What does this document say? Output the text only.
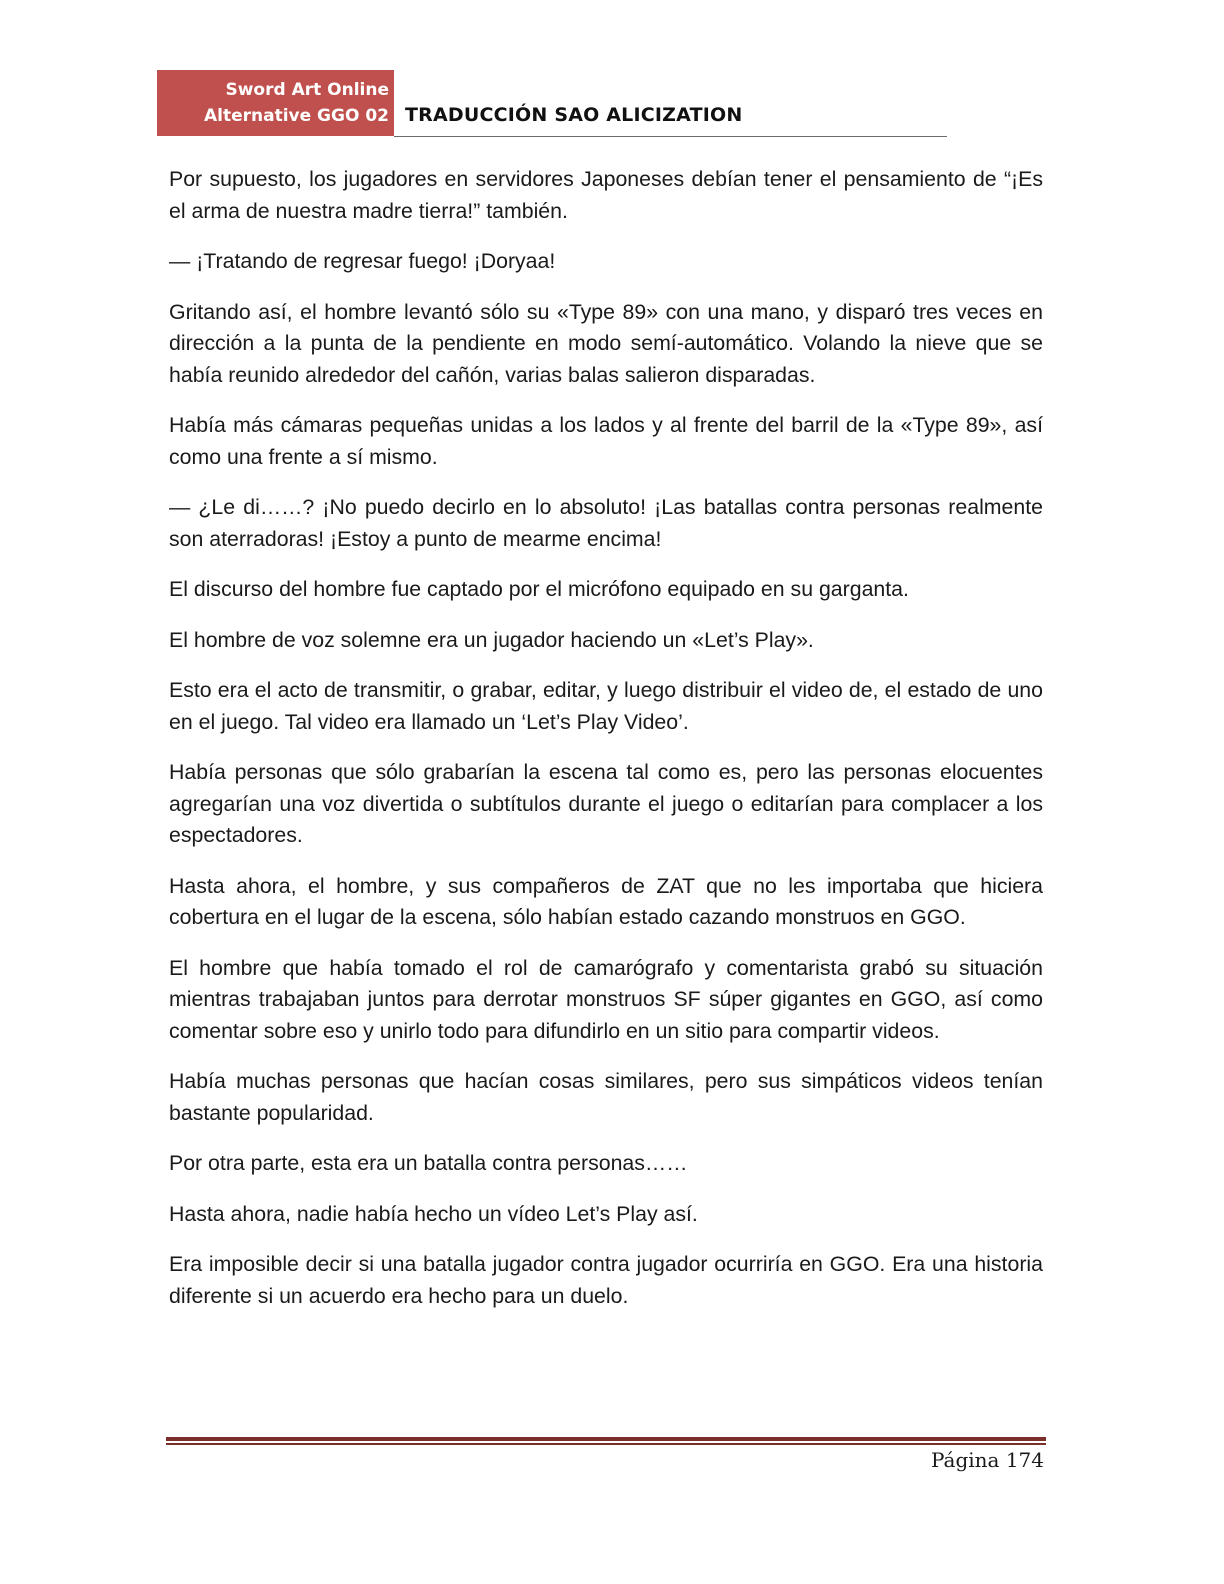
Sword Art Online
Alternative GGO 02 TRADUCCIÓN SAO ALICIZATION

Por supuesto, los jugadores en servidores Japoneses debían tener el pensamiento de “¡Es el arma de nuestra madre tierra!” también.

— ¡Tratando de regresar fuego! ¡Doryaa!

Gritando así, el hombre levantó sólo su «Type 89» con una mano, y disparó tres veces en dirección a la punta de la pendiente en modo semí-automático. Volando la nieve que se había reunido alrededor del cañón, varias balas salieron disparadas.

Había más cámaras pequeñas unidas a los lados y al frente del barril de la «Type 89», así como una frente a sí mismo.

— ¿Le di……? ¡No puedo decirlo en lo absoluto! ¡Las batallas contra personas realmente son aterradoras! ¡Estoy a punto de mearme encima!

El discurso del hombre fue captado por el micrófono equipado en su garganta.

El hombre de voz solemne era un jugador haciendo un «Let’s Play».

Esto era el acto de transmitir, o grabar, editar, y luego distribuir el video de, el estado de uno en el juego. Tal video era llamado un ‘Let’s Play Video’.

Había personas que sólo grabarían la escena tal como es, pero las personas elocuentes agregarían una voz divertida o subtítulos durante el juego o editarían para complacer a los espectadores.

Hasta ahora, el hombre, y sus compañeros de ZAT que no les importaba que hiciera cobertura en el lugar de la escena, sólo habían estado cazando monstruos en GGO.

El hombre que había tomado el rol de camarógrafo y comentarista grabó su situación mientras trabajaban juntos para derrotar monstruos SF súper gigantes en GGO, así como comentar sobre eso y unirlo todo para difundirlo en un sitio para compartir videos.

Había muchas personas que hacían cosas similares, pero sus simpáticos videos tenían bastante popularidad.

Por otra parte, esta era un batalla contra personas……

Hasta ahora, nadie había hecho un vídeo Let’s Play así.

Era imposible decir si una batalla jugador contra jugador ocurriría en GGO. Era una historia diferente si un acuerdo era hecho para un duelo.

Página 174
